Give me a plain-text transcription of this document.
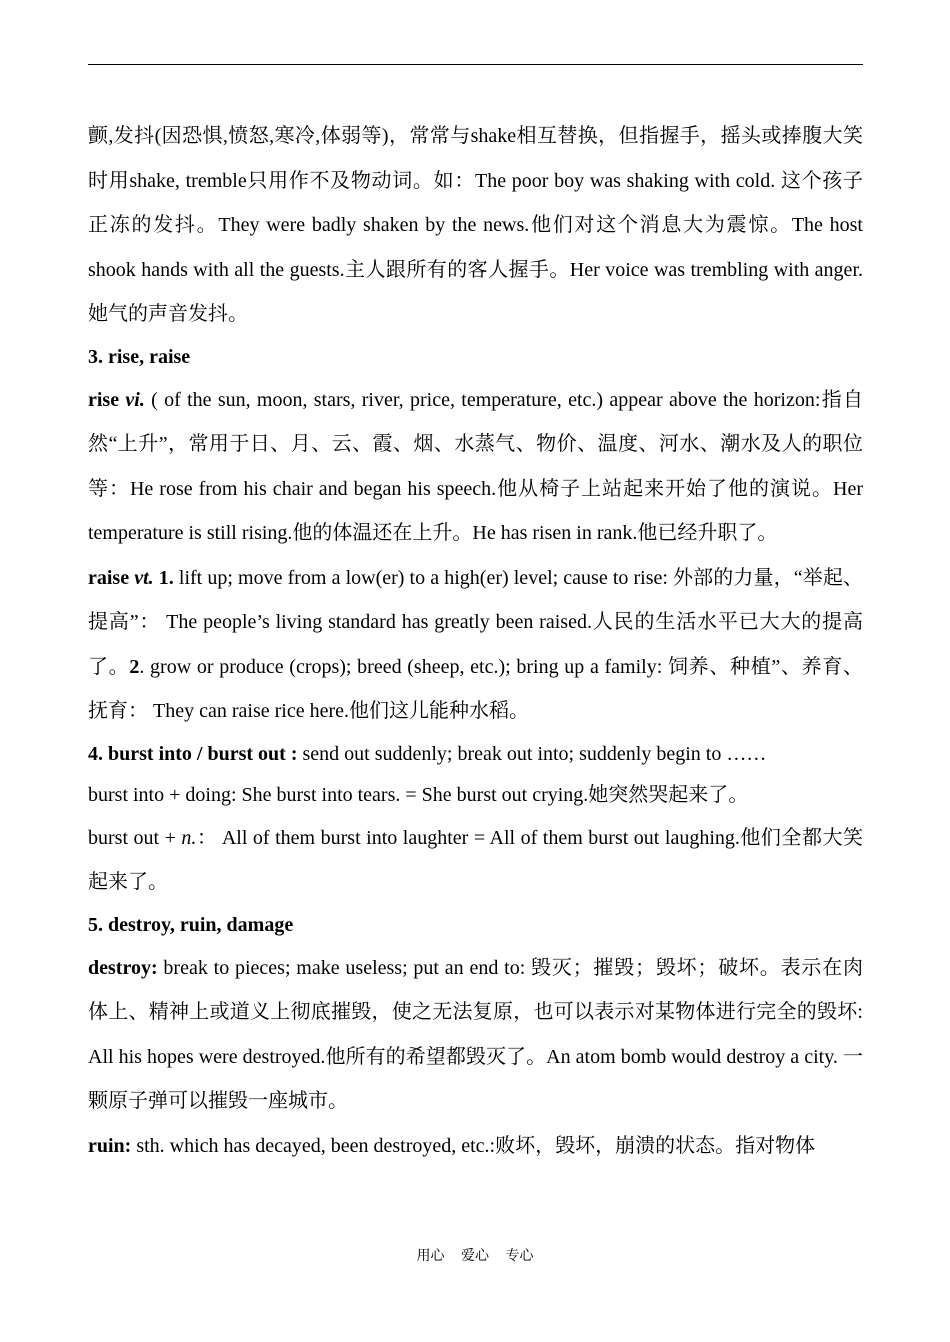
颤,发抖(因恐惧,愤怒,寒冷,体弱等)，常常与shake相互替换，但指握手，摇头或捧腹大笑时用shake, tremble只用作不及物动词。如：The poor boy was shaking with cold. 这个孩子正冻的发抖。They were badly shaken by the news.他们对这个消息大为震惊。The host shook hands with all the guests.主人跟所有的客人握手。Her voice was trembling with anger.她气的声音发抖。

3. rise, raise

rise vi. ( of the sun, moon, stars, river, price, temperature, etc.) appear above the horizon:指自然“上升”，常用于日、月、云、霞、烟、水蒸气、物价、温度、河水、潮水及人的职位等：He rose from his chair and began his speech.他从椅子上站起来开始了他的演说。Her temperature is still rising.他的体温还在上升。He has risen in rank.他已经升职了。

raise vt. 1. lift up; move from a low(er) to a high(er) level; cause to rise: 外部的力量，“举起、提高”： The people’s living standard has greatly been raised.人民的生活水平已大大的提高了。2. grow or produce (crops); breed (sheep, etc.); bring up a family: 饲养、种植”、养育、抚育： They can raise rice here.他们这儿能种水稻。

4. burst into / burst out : send out suddenly; break out into; suddenly begin to ……

burst into + doing: She burst into tears. = She burst out crying.她突然哭起来了。

burst out + n.： All of them burst into laughter = All of them burst out laughing.他们全都大笑起来了。

5. destroy, ruin, damage

destroy: break to pieces; make useless; put an end to: 毁灭；摧毁；毁坏；破坏。表示在肉体上、精神上或道义上彻底摧毁，使之无法复原，也可以表示对某物体进行完全的毁坏: All his hopes were destroyed.他所有的希望都毁灭了。An atom bomb would destroy a city. 一颗原子弹可以摧毁一座城市。

ruin: sth. which has decayed, been destroyed, etc.:败坏，毁坏，崩溃的状态。指对物体

用心 爱心 专心
